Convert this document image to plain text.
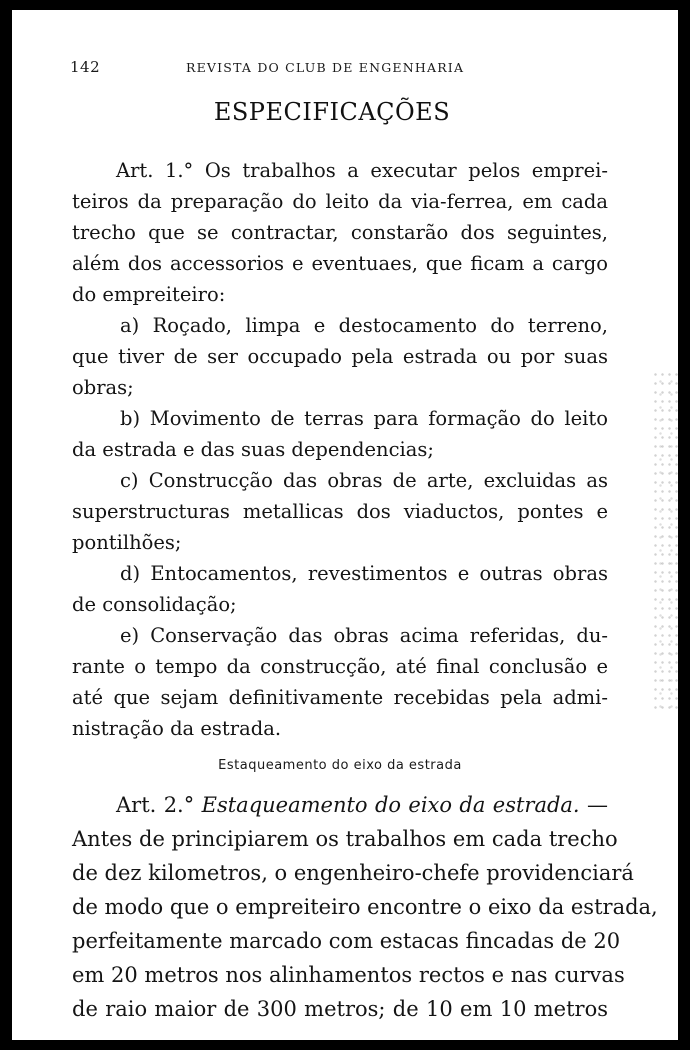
142	REVISTA DO CLUB DE ENGENHARIA
ESPECIFICAÇÕES
Art. 1.° Os trabalhos a executar pelos emprei-
teiros da preparação do leito da via-ferrea, em cada
trecho que se contractar, constarão dos seguintes,
além dos accessorios e eventuaes, que ficam a cargo
do empreiteiro:
a) Roçado, limpa e destocamento do terreno,
que tiver de ser occupado pela estrada ou por suas
obras;
b) Movimento de terras para formação do leito
da estrada e das suas dependencias;
c) Construcção das obras de arte, excluidas as
superstructuras metallicas dos viaductos, pontes e
pontilhões;
d) Entocamentos, revestimentos e outras obras
de consolidação;
e) Conservação das obras acima referidas, du-
rante o tempo da construcção, até final conclusão e
até que sejam definitivamente recebidas pela admi-
nistração da estrada.
Estaqueamento do eixo da estrada
Art. 2.° Estaqueamento do eixo da estrada. —
Antes de principiarem os trabalhos em cada trecho
de dez kilometros, o engenheiro-chefe providenciará
de modo que o empreiteiro encontre o eixo da estrada,
perfeitamente marcado com estacas fincadas de 20
em 20 metros nos alinhamentos rectos e nas curvas
de raio maior de 300 metros; de 10 em 10 metros
